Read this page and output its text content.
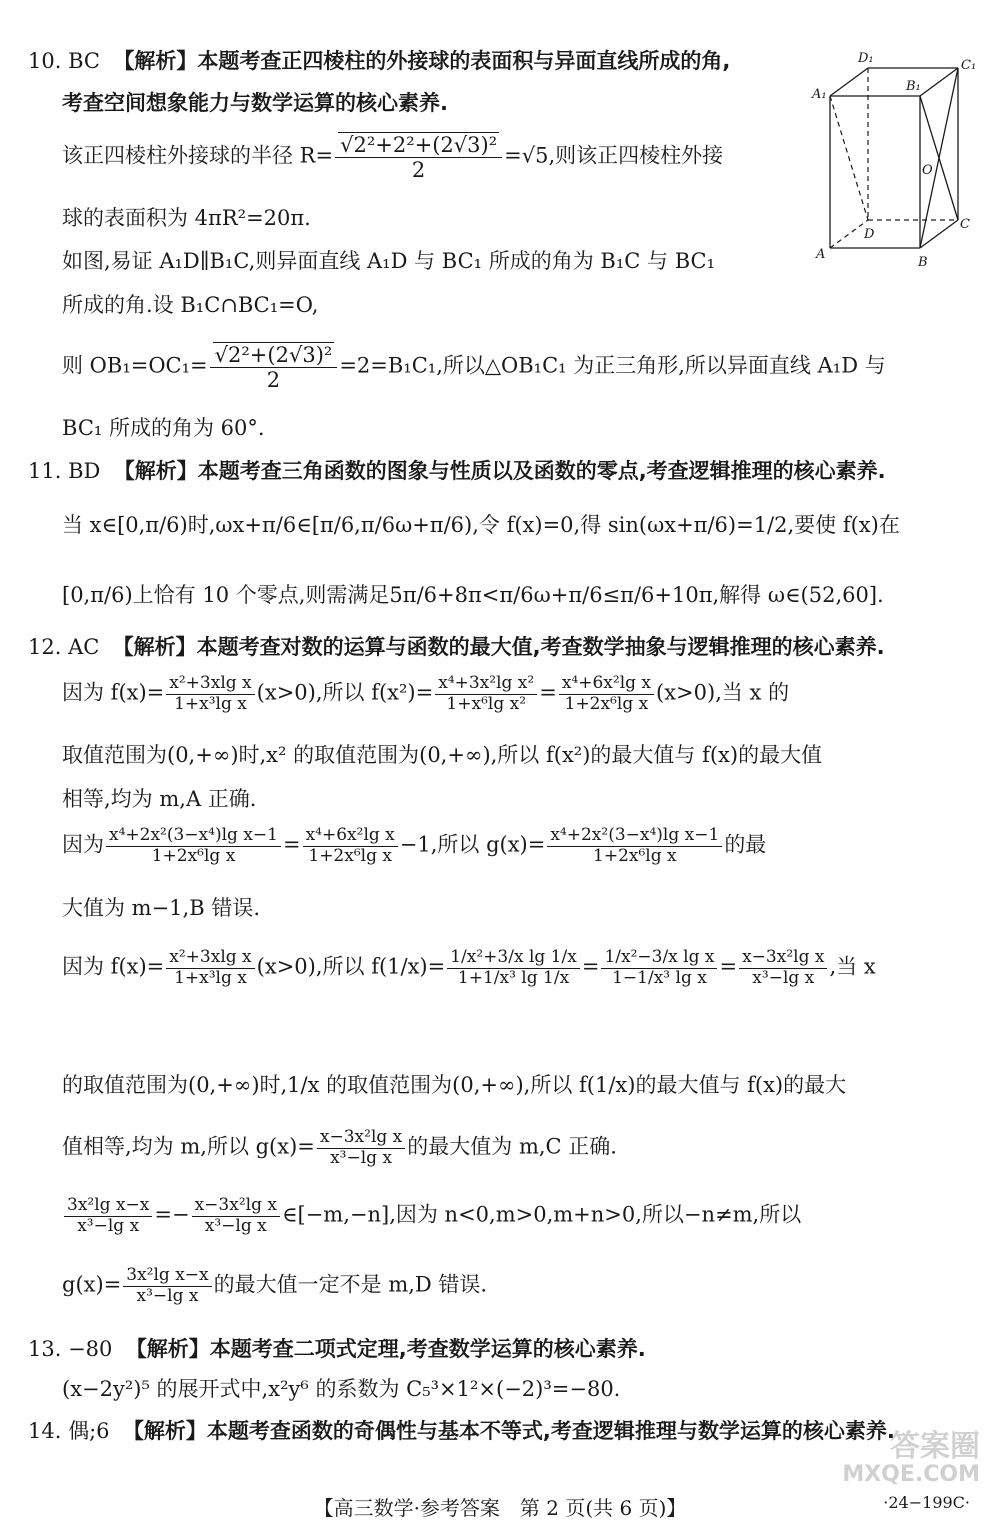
10. BC 【解析】本题考查正四棱柱的外接球的表面积与异面直线所成的角,
考查空间想象能力与数学运算的核心素养.
该正四棱柱外接球的半径 $R= \frac{\text{√2²+2²+(2√3)²}}{2} =√5$,则该正四棱柱外接
球的表面积为 4πR²=20π.
如图,易证 A₁D∥B₁C,则异面直线 A₁D 与 BC₁ 所成的角为 B₁C 与 BC₁
所成的角.设 B₁C∩BC₁=O,
则 $OB_1=OC_1= \frac{\text{√2²+(2√3)²}}{2} =2=B_1C_1$,所以△OB₁C₁ 为正三角形,所以异面直线 A₁D 与
BC₁ 所成的角为 60°.
D₁	C₁
A₁
B₁
O
D
C
A
B
11. BD 【解析】本题考查三角函数的图象与性质以及函数的零点,考查逻辑推理的核心素养.
当 x∈[0,π/6)时,ωx+π/6∈[π/6,π/6ω+π/6),令 f(x)=0,得 sin(ωx+π/6)=1/2,要使 f(x)在
[0,π/6)上恰有 10 个零点,则需满足5π/6+8π<π/6ω+π/6≤π/6+10π,解得 ω∈(52,60].
12. AC 【解析】本题考查对数的运算与函数的最大值,考查数学抽象与逻辑推理的核心素养.
因为 $f(x)= \frac{\text{x²+3xlg x}}{\text{1+x³lg x}} (x>0)$,所以 $f(x^2)= \frac{\text{x⁴+3x²lg x²}}{\text{1+x⁶lg x²}} = \frac{\text{x⁴+6x²lg x}}{\text{1+2x⁶lg x}} (x>0)$,当 x 的
取值范围为(0,+∞)时,x² 的取值范围为(0,+∞),所以 f(x²)的最大值与 f(x)的最大值
相等,均为 m,A 正确.
因为 $\frac{\text{x⁴+2x²(3−x⁴)lg x−1}}{\text{1+2x⁶lg x}} = \frac{\text{x⁴+6x²lg x}}{\text{1+2x⁶lg x}} -1$,所以 $g(x)= \frac{\text{x⁴+2x²(3−x⁴)lg x−1}}{\text{1+2x⁶lg x}}$ 的最
大值为 m−1,B 错误.
因为 $f(x)= \frac{\text{x²+3xlg x}}{\text{1+x³lg x}} (x>0)$,所以 $f(1/x)= \frac{\text{1/x²+3/x lg 1/x}}{\text{1+1/x³ lg 1/x}} = \frac{\text{1/x²−3/x lg x}}{\text{1−1/x³ lg x}} = \frac{\text{x−3x²lg x}}{\text{x³−lg x}}$ ,当 x
的取值范围为(0,+∞)时,1/x 的取值范围为(0,+∞),所以 f(1/x)的最大值与 f(x)的最大
值相等,均为 m,所以 $g(x)= \frac{\text{x−3x²lg x}}{\text{x³−lg x}}$ 的最大值为 m,C 正确.
$\frac{\text{3x²lg x−x}}{\text{x³−lg x}} =- \frac{\text{x−3x²lg x}}{\text{x³−lg x}}$ ∈[−m,−n],因为 n<0,m>0,m+n>0,所以−n≠m,所以
$g(x)= \frac{\text{3x²lg x−x}}{\text{x³−lg x}}$ 的最大值一定不是 m,D 错误.
13. −80 【解析】本题考查二项式定理,考查数学运算的核心素养.
(x−2y²)⁵ 的展开式中,x²y⁶ 的系数为 C₅³×1²×(−2)³=−80.
14. 偶;6 【解析】本题考查函数的奇偶性与基本不等式,考查逻辑推理与数学运算的核心素养.
答案圈
MXQE.COM
【高三数学·参考答案　第 2 页(共 6 页)】	·24−199C·
